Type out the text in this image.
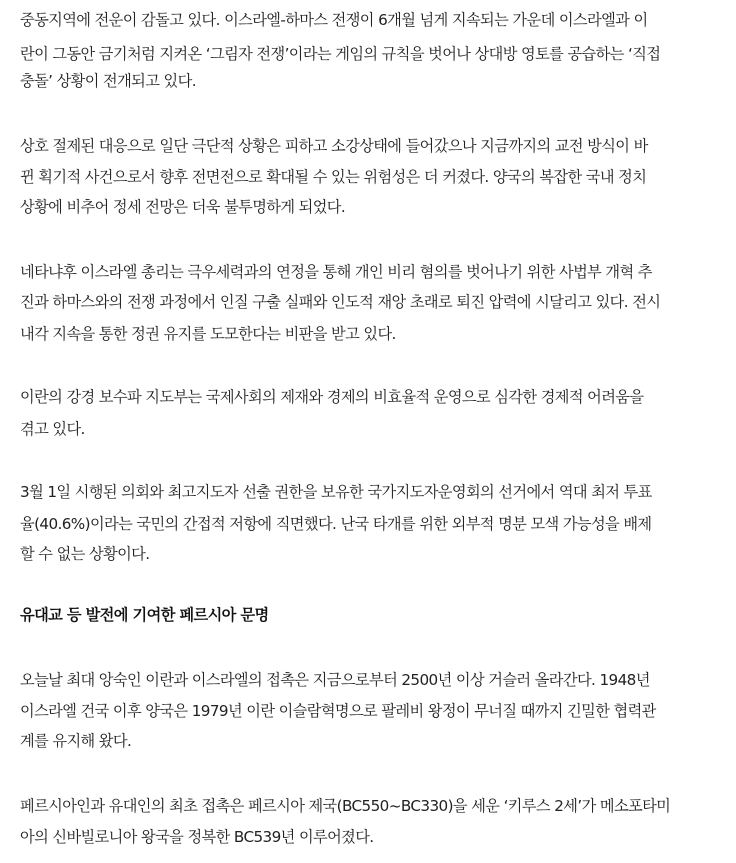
중동지역에 전운이 감돌고 있다. 이스라엘-하마스 전쟁이 6개월 넘게 지속되는 가운데 이스라엘과 이
란이 그동안 금기처럼 지켜온 ‘그림자 전쟁’이라는 게임의 규칙을 벗어나 상대방 영토를 공습하는 ‘직접
충돌’ 상황이 전개되고 있다.
상호 절제된 대응으로 일단 극단적 상황은 피하고 소강상태에 들어갔으나 지금까지의 교전 방식이 바
뀐 획기적 사건으로서 향후 전면전으로 확대될 수 있는 위험성은 더 커졌다. 양국의 복잡한 국내 정치
상황에 비추어 정세 전망은 더욱 불투명하게 되었다.
네타냐후 이스라엘 총리는 극우세력과의 연정을 통해 개인 비리 혐의를 벗어나기 위한 사법부 개혁 추
진과 하마스와의 전쟁 과정에서 인질 구출 실패와 인도적 재앙 초래로 퇴진 압력에 시달리고 있다. 전시
내각 지속을 통한 정권 유지를 도모한다는 비판을 받고 있다.
이란의 강경 보수파 지도부는 국제사회의 제재와 경제의 비효율적 운영으로 심각한 경제적 어려움을
겪고 있다.
3월 1일 시행된 의회와 최고지도자 선출 권한을 보유한 국가지도자운영회의 선거에서 역대 최저 투표
율(40.6%)이라는 국민의 간접적 저항에 직면했다. 난국 타개를 위한 외부적 명분 모색 가능성을 배제
할 수 없는 상황이다.
유대교 등 발전에 기여한 페르시아 문명
오늘날 최대 앙숙인 이란과 이스라엘의 접촉은 지금으로부터 2500년 이상 거슬러 올라간다. 1948년
이스라엘 건국 이후 양국은 1979년 이란 이슬람혁명으로 팔레비 왕정이 무너질 때까지 긴밀한 협력관
계를 유지해 왔다.
페르시아인과 유대인의 최초 접촉은 페르시아 제국(BC550~BC330)을 세운 ‘키루스 2세’가 메소포타미
아의 신바빌로니아 왕국을 정복한 BC539년 이루어졌다.
